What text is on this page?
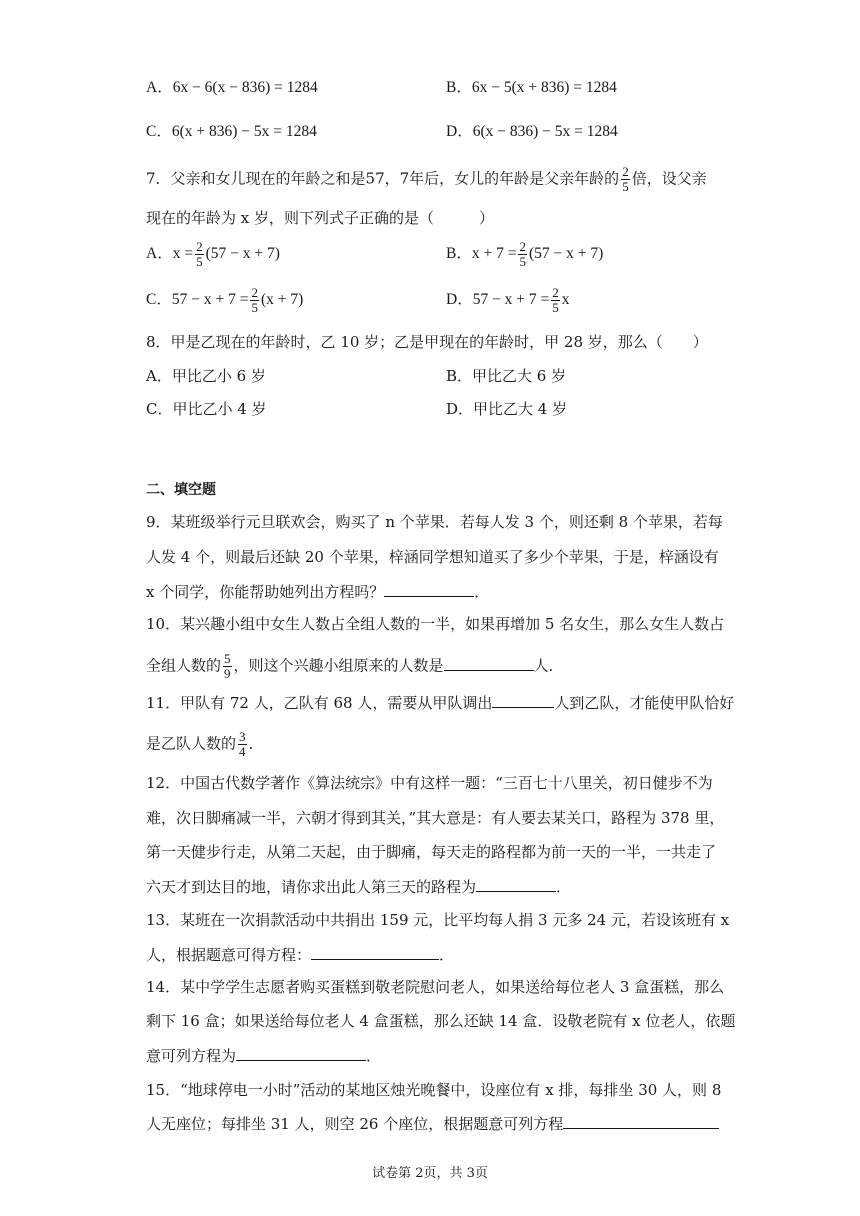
A．6x − 6(x − 836) = 1284	B．6x − 5(x + 836) = 1284
C．6(x + 836) − 5x = 1284	D．6(x − 836) − 5x = 1284
7．父亲和女儿现在的年龄之和是57，7年后，女儿的年龄是父亲年龄的 $\frac{2}{5}$ 倍，设父亲
现在的年龄为 x 岁，则下列式子正确的是（　　　）
A．$x = \frac{2}{5} (57 - x + 7)$	B．$x + 7 = \frac{2}{5} (57 - x + 7)$
C．$57 - x + 7 = \frac{2}{5} (x + 7)$	D．$57 - x + 7 = \frac{2}{5}$ x
8．甲是乙现在的年龄时，乙 10 岁；乙是甲现在的年龄时，甲 28 岁，那么（　　）
A．甲比乙小 6 岁	B．甲比乙大 6 岁
C．甲比乙小 4 岁	D．甲比乙大 4 岁
二、填空题
9．某班级举行元旦联欢会，购买了 n 个苹果．若每人发 3 个，则还剩 8 个苹果，若每
人发 4 个，则最后还缺 20 个苹果，梓涵同学想知道买了多少个苹果，于是，梓涵设有
x 个同学，你能帮助她列出方程吗？	．
10．某兴趣小组中女生人数占全组人数的一半，如果再增加 5 名女生，那么女生人数占
全组人数的 $\frac{5}{9}$ ，则这个兴趣小组原来的人数是	人．
11．甲队有 72 人，乙队有 68 人，需要从甲队调出	人到乙队，才能使甲队恰好
是乙队人数的 $\frac{3}{4}$ ．
12．中国古代数学著作《算法统宗》中有这样一题：“三百七十八里关，初日健步不为
难，次日脚痛减一半，六朝才得到其关，”其大意是：有人要去某关口，路程为 378 里，
第一天健步行走，从第二天起，由于脚痛，每天走的路程都为前一天的一半，一共走了
六天才到达目的地，请你求出此人第三天的路程为	．
13．某班在一次捐款活动中共捐出 159 元，比平均每人捐 3 元多 24 元，若设该班有 x
人，根据题意可得方程：	．
14．某中学学生志愿者购买蛋糕到敬老院慰问老人，如果送给每位老人 3 盒蛋糕，那么
剩下 16 盒；如果送给每位老人 4 盒蛋糕，那么还缺 14 盒．设敬老院有 x 位老人，依题
意可列方程为	．
15．“地球停电一小时”活动的某地区烛光晚餐中，设座位有 x 排，每排坐 30 人，则 8
人无座位；每排坐 31 人，则空 26 个座位，根据题意可列方程
试卷第 2页，共 3页
